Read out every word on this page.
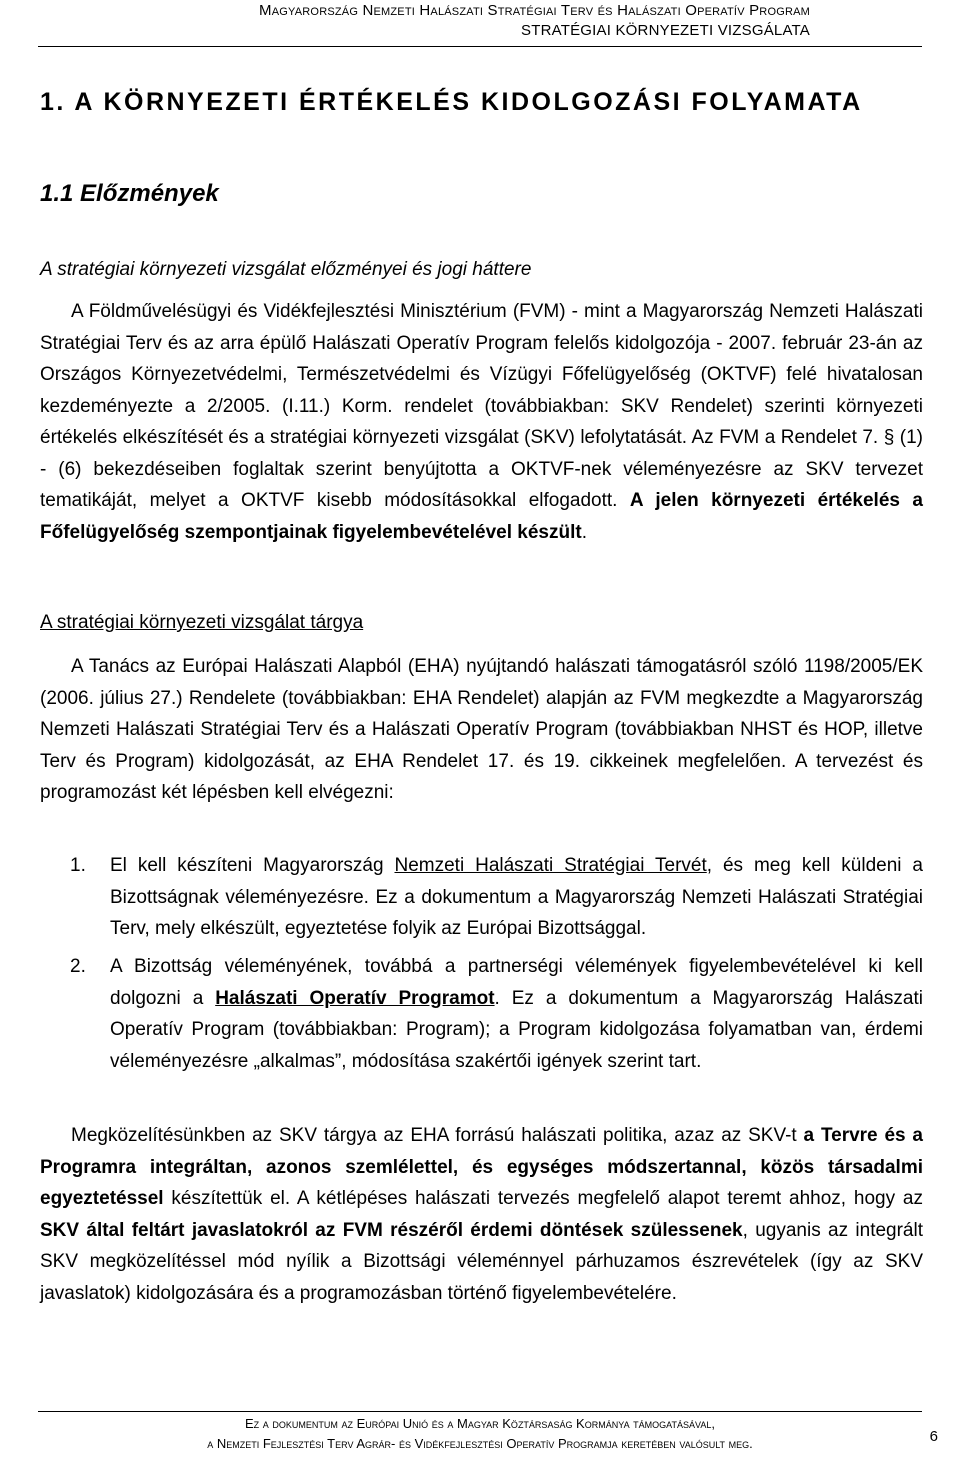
Magyarország Nemzeti Halászati Stratégiai Terv és Halászati Operatív Program
STRATÉGIAI KÖRNYEZETI VIZSGÁLATA
1. A KÖRNYEZETI ÉRTÉKELÉS KIDOLGOZÁSI FOLYAMATA
1.1 Előzmények
A stratégiai környezeti vizsgálat előzményei és jogi háttere
A Földművelésügyi és Vidékfejlesztési Minisztérium (FVM) - mint a Magyarország Nemzeti Halászati Stratégiai Terv és az arra épülő Halászati Operatív Program felelős kidolgozója - 2007. február 23-án az Országos Környezetvédelmi, Természetvédelmi és Vízügyi Főfelügyelőség (OKTVF) felé hivatalosan kezdeményezte a 2/2005. (I.11.) Korm. rendelet (továbbiakban: SKV Rendelet) szerinti környezeti értékelés elkészítését és a stratégiai környezeti vizsgálat (SKV) lefolytatását. Az FVM a Rendelet 7. § (1) - (6) bekezdéseiben foglaltak szerint benyújtotta a OKTVF-nek véleményezésre az SKV tervezet tematikáját, melyet a OKTVF kisebb módosításokkal elfogadott. A jelen környezeti értékelés a Főfelügyelőség szempontjainak figyelembevételével készült.
A stratégiai környezeti vizsgálat tárgya
A Tanács az Európai Halászati Alapból (EHA) nyújtandó halászati támogatásról szóló 1198/2005/EK (2006. július 27.) Rendelete (továbbiakban: EHA Rendelet) alapján az FVM megkezdte a Magyarország Nemzeti Halászati Stratégiai Terv és a Halászati Operatív Program (továbbiakban NHST és HOP, illetve Terv és Program) kidolgozását, az EHA Rendelet 17. és 19. cikkeinek megfelelően. A tervezést és programozást két lépésben kell elvégezni:
1. El kell készíteni Magyarország Nemzeti Halászati Stratégiai Tervét, és meg kell küldeni a Bizottságnak véleményezésre. Ez a dokumentum a Magyarország Nemzeti Halászati Stratégiai Terv, mely elkészült, egyeztetése folyik az Európai Bizottsággal.
2. A Bizottság véleményének, továbbá a partnerségi vélemények figyelembevételével ki kell dolgozni a Halászati Operatív Programot. Ez a dokumentum a Magyarország Halászati Operatív Program (továbbiakban: Program); a Program kidolgozása folyamatban van, érdemi véleményezésre „alkalmas”, módosítása szakértői igények szerint tart.
Megközelítésünkben az SKV tárgya az EHA forrású halászati politika, azaz az SKV-t a Tervre és a Programra integráltan, azonos szemlélettel, és egységes módszertannal, közös társadalmi egyeztetéssel készítettük el. A kétlépéses halászati tervezés megfelelő alapot teremt ahhoz, hogy az SKV által feltárt javaslatokról az FVM részéről érdemi döntések szülessenek, ugyanis az integrált SKV megközelítéssel mód nyílik a Bizottsági véleménnyel párhuzamos észrevételek (így az SKV javaslatok) kidolgozására és a programozásban történő figyelembevételére.
Ez a dokumentum az Európai Unió és a Magyar Köztársaság Kormánya támogatásával,
a Nemzeti Fejlesztési Terv Agrár- és Vidékfejlesztési Operatív Programja keretében valósult meg.	6
